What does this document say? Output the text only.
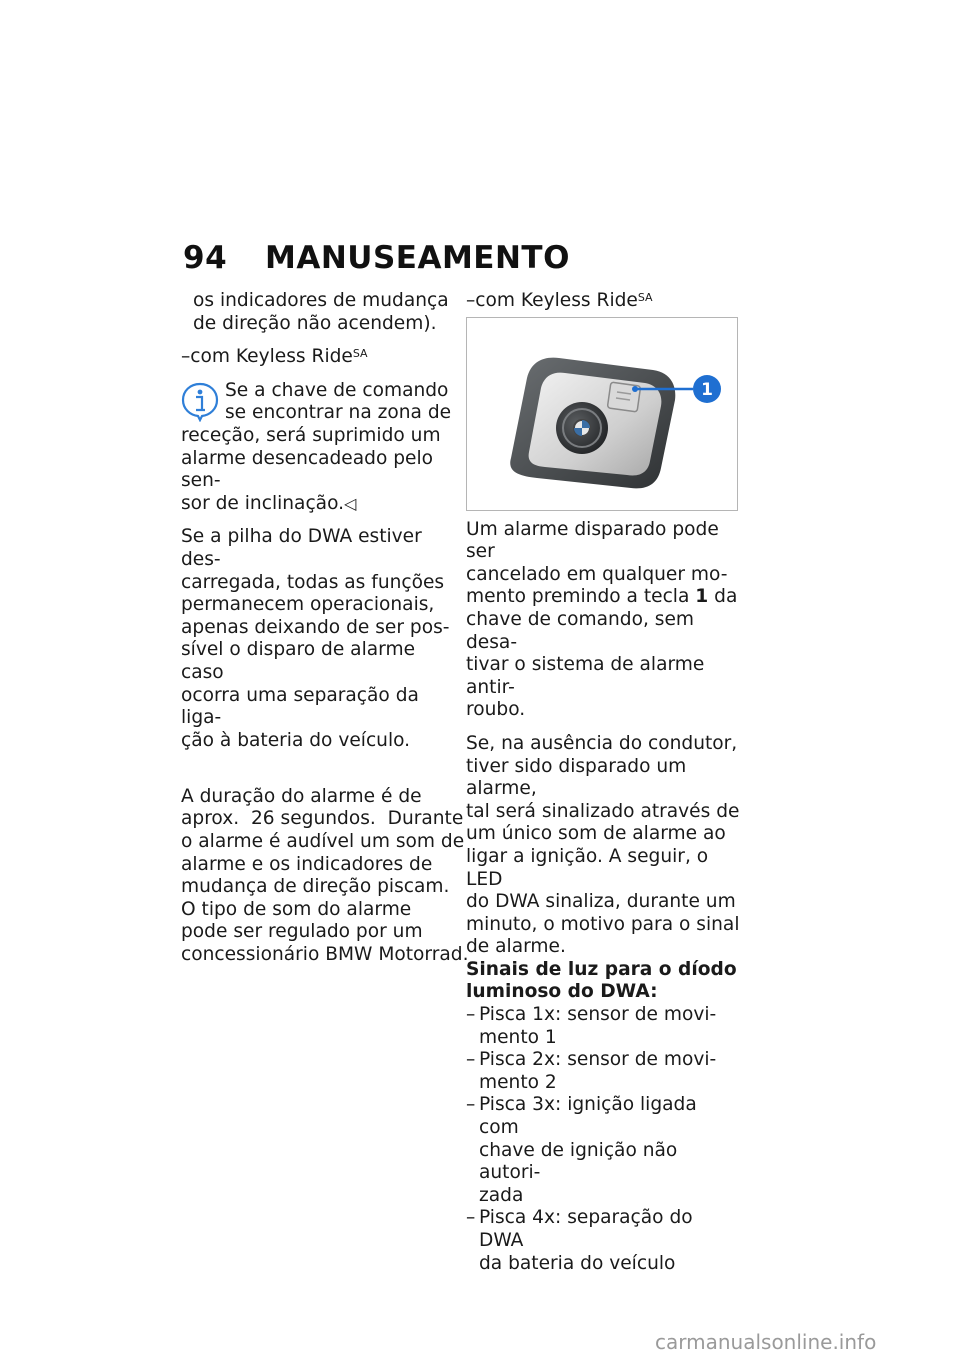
94 MANUSEAMENTO

os indicadores de mudança
de direção não acendem).

–com Keyless Ride$^{SA}$

Se a chave de comando
se encontrar na zona de
receção, será suprimido um
alarme desencadeado pelo sen-
sor de inclinação.◁

Se a pilha do DWA estiver des-
carregada, todas as funções
permanecem operacionais,
apenas deixando de ser pos-
sível o disparo de alarme caso
ocorra uma separação da liga-
ção à bateria do veículo.

A duração do alarme é de
aprox.  26 segundos.  Durante
o alarme é audível um som de
alarme e os indicadores de
mudança de direção piscam.
O tipo de som do alarme
pode ser regulado por um
concessionário BMW Motorrad.

–com Keyless Ride$^{SA}$

1

Um alarme disparado pode ser
cancelado em qualquer mo-
mento premindo a tecla 1 da
chave de comando, sem desa-
tivar o sistema de alarme antir-
roubo.

Se, na ausência do condutor,
tiver sido disparado um alarme,
tal será sinalizado através de
um único som de alarme ao
ligar a ignição. A seguir, o LED
do DWA sinaliza, durante um
minuto, o motivo para o sinal
de alarme.

Sinais de luz para o díodo
luminoso do DWA:
– Pisca 1x: sensor de movi-
mento 1
– Pisca 2x: sensor de movi-
mento 2
– Pisca 3x: ignição ligada com
chave de ignição não autori-
zada
– Pisca 4x: separação do DWA
da bateria do veículo
carmanualsonline.info
